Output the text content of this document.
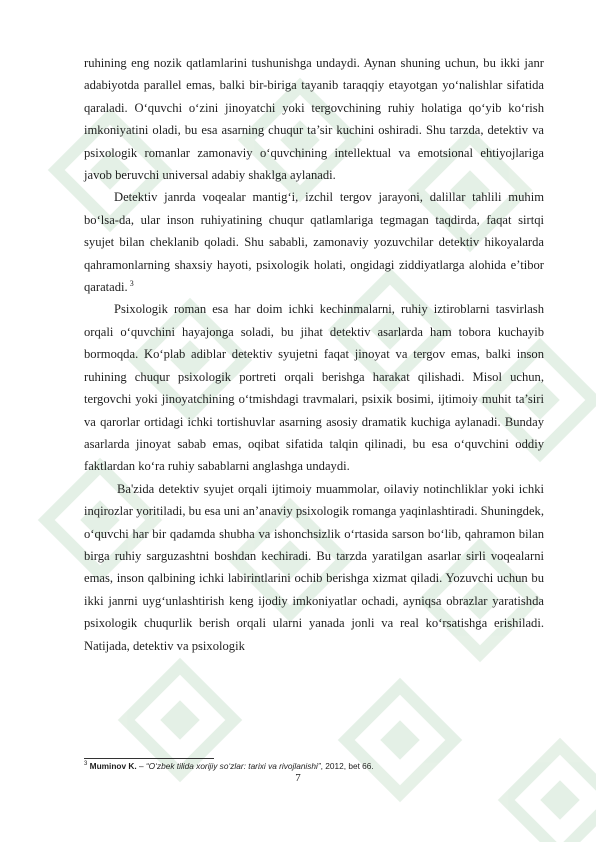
ruhining eng nozik qatlamlarini tushunishga undaydi. Aynan shuning uchun, bu ikki janr adabiyotda parallel emas, balki bir-biriga tayanib taraqqiy etayotgan yo‘nalishlar sifatida qaraladi. O‘quvchi o‘zini jinoyatchi yoki tergovchining ruhiy holatiga qo‘yib ko‘rish imkoniyatini oladi, bu esa asarning chuqur ta’sir kuchini oshiradi. Shu tarzda, detektiv va psixologik romanlar zamonaviy o‘quvchining intellektual va emotsional ehtiyojlariga javob beruvchi universal adabiy shaklga aylanadi.

Detektiv janrda voqealar mantig‘i, izchil tergov jarayoni, dalillar tahlili muhim bo‘lsa-da, ular inson ruhiyatining chuqur qatlamlariga tegmagan taqdirda, faqat sirtqi syujet bilan cheklanib qoladi. Shu sababli, zamonaviy yozuvchilar detektiv hikoyalarda qahramonlarning shaxsiy hayoti, psixologik holati, ongidagi ziddiyatlarga alohida e’tibor qaratadi. $^3$

Psixologik roman esa har doim ichki kechinmalarni, ruhiy iztiroblarni tasvirlash orqali o‘quvchini hayajonga soladi, bu jihat detektiv asarlarda ham tobora kuchayib bormoqda. Ko‘plab adiblar detektiv syujetni faqat jinoyat va tergov emas, balki inson ruhining chuqur psixologik portreti orqali berishga harakat qilishadi. Misol uchun, tergovchi yoki jinoyatchining o‘tmishdagi travmalari, psixik bosimi, ijtimoiy muhit ta’siri va qarorlar ortidagi ichki tortishuvlar asarning asosiy dramatik kuchiga aylanadi. Bunday asarlarda jinoyat sabab emas, oqibat sifatida talqin qilinadi, bu esa o‘quvchini oddiy faktlardan ko‘ra ruhiy sabablarni anglashga undaydi.

Ba'zida detektiv syujet orqali ijtimoiy muammolar, oilaviy notinchliklar yoki ichki inqirozlar yoritiladi, bu esa uni an’anaviy psixologik romanga yaqinlashtiradi. Shuningdek, o‘quvchi har bir qadamda shubha va ishonchsizlik o‘rtasida sarson bo‘lib, qahramon bilan birga ruhiy sarguzashtni boshdan kechiradi. Bu tarzda yaratilgan asarlar sirli voqealarni emas, inson qalbining ichki labirintlarini ochib berishga xizmat qiladi. Yozuvchi uchun bu ikki janrni uyg‘unlashtirish keng ijodiy imkoniyatlar ochadi, ayniqsa obrazlar yaratishda psixologik chuqurlik berish orqali ularni yanada jonli va real ko‘rsatishga erishiladi. Natijada, detektiv va psixologik

$^3$ Muminov K. – “O‘zbek tilida xorijiy so‘zlar: tarixi va rivojlanishi”, 2012, bet 66.
7
